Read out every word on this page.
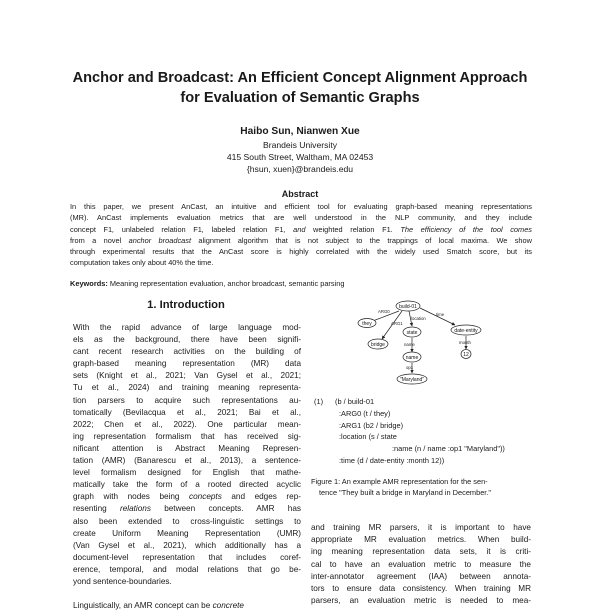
Anchor and Broadcast: An Efficient Concept Alignment Approach
for Evaluation of Semantic Graphs
Haibo Sun, Nianwen Xue
Brandeis University
415 South Street, Waltham, MA 02453
{hsun, xuen}@brandeis.edu
Abstract
In this paper, we present AnCast, an intuitive and efficient tool for evaluating graph-based meaning representations
(MR). AnCast implements evaluation metrics that are well understood in the NLP community, and they include
concept F1, unlabeled relation F1, labeled relation F1, and weighted relation F1. The efficiency of the tool comes
from a novel anchor broadcast alignment algorithm that is not subject to the trappings of local maxima. We show
through experimental results that the AnCast score is highly correlated with the widely used Smatch score, but its
computation takes only about 40% the time.
Keywords: Meaning representation evaluation, anchor broadcast, semantic parsing
1. Introduction
With the rapid advance of large language mod-
els as the background, there have been signifi-
cant recent research activities on the building of
graph-based meaning representation (MR) data
sets (Knight et al., 2021; Van Gysel et al., 2021;
Tu et al., 2024) and training meaning representa-
tion parsers to acquire such representations au-
tomatically (Bevilacqua et al., 2021; Bai et al.,
2022; Chen et al., 2022). One particular mean-
ing representation formalism that has received sig-
nificant attention is Abstract Meaning Represen-
tation (AMR) (Banarescu et al., 2013), a sentence-
level formalism designed for English that mathe-
matically take the form of a rooted directed acyclic
graph with nodes being concepts and edges rep-
resenting relations between concepts. AMR has
also been extended to cross-linguistic settings to
create Uniform Meaning Representation (UMR)
(Van Gysel et al., 2021), which additionally has a
document-level representation that includes coref-
erence, temporal, and modal relations that go be-
yond sentence-boundaries.
Linguistically, an AMR concept can be concrete
build-01
they
state
bridge
name
"Maryland"
date-entity
12
ARG0
location
ARG1
time
name
op1
month
(1) (b / build-01
:ARG0 (t / they)
:ARG1 (b2 / bridge)
:location (s / state
:name (n / name :op1 "Maryland"))
:time (d / date-entity :month 12))
Figure 1: An example AMR representation for the sen-
tence "They built a bridge in Maryland in December."
and training MR parsers, it is important to have
appropriate MR evaluation metrics. When build-
ing meaning representation data sets, it is criti-
cal to have an evaluation metric to measure the
inter-annotator agreement (IAA) between annota-
tors to ensure data consistency. When training MR
parsers, an evaluation metric is needed to mea-
